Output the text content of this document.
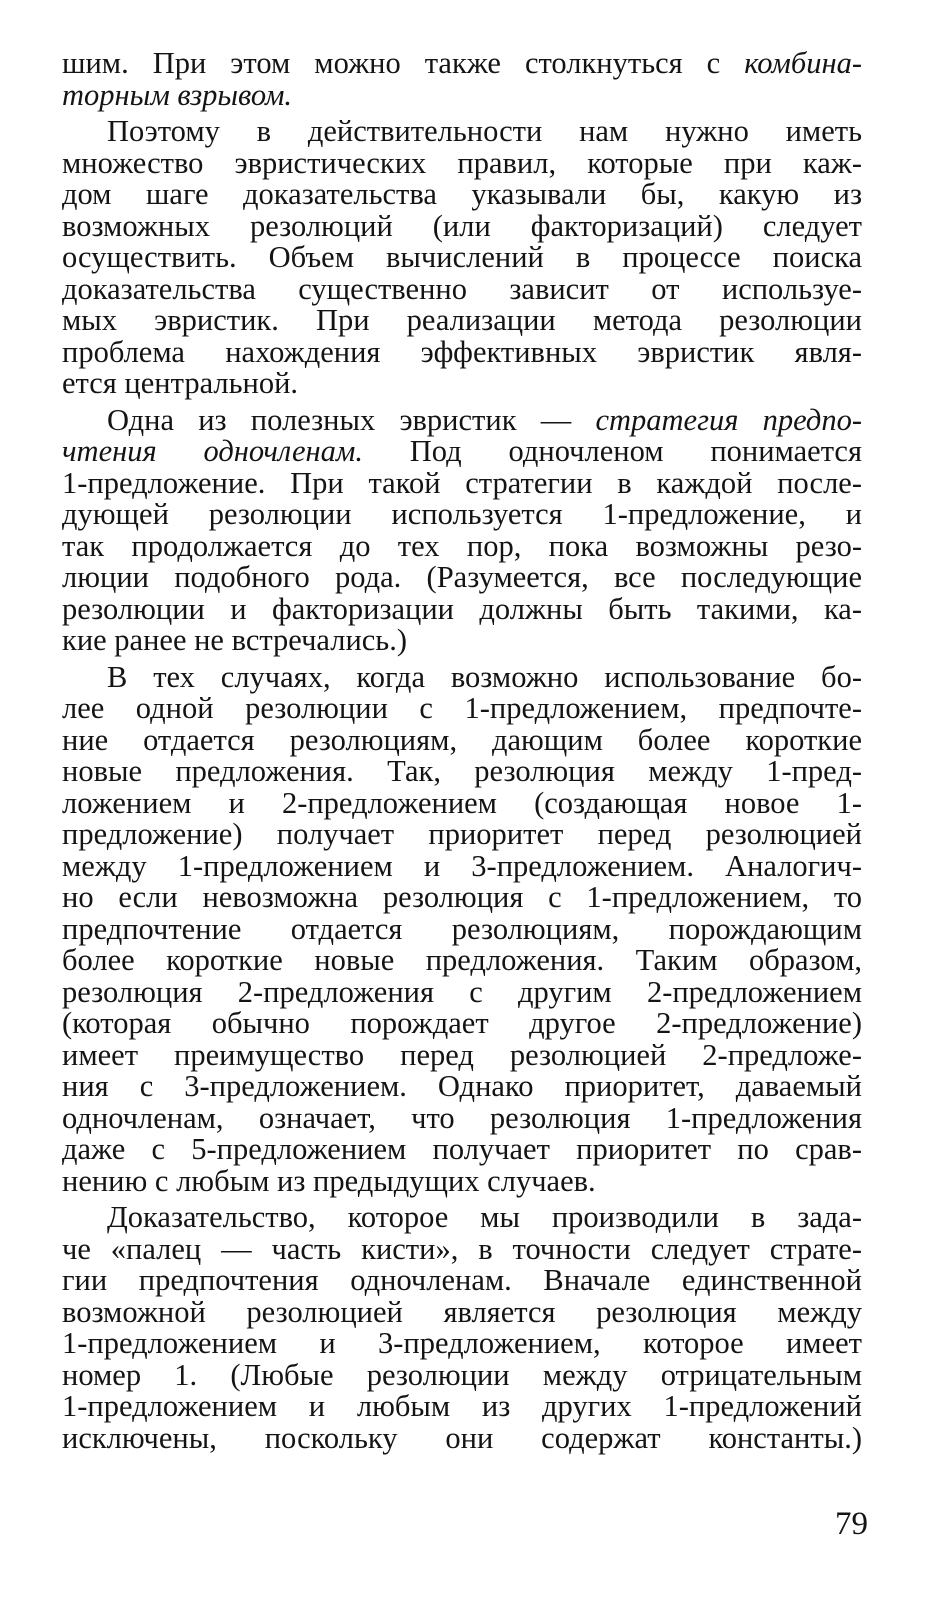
шим. При этом можно также столкнуться с комбина-
торным взрывом.

Поэтому в действительности нам нужно иметь
множество эвристических правил, которые при каж-
дом шаге доказательства указывали бы, какую из
возможных резолюций (или факторизаций) следует
осуществить. Объем вычислений в процессе поиска
доказательства существенно зависит от используе-
мых эвристик. При реализации метода резолюции
проблема нахождения эффективных эвристик явля-
ется центральной.

Одна из полезных эвристик — стратегия предпо-
чтения одночленам. Под одночленом понимается
1-предложение. При такой стратегии в каждой после-
дующей резолюции используется 1-предложение, и
так продолжается до тех пор, пока возможны резо-
люции подобного рода. (Разумеется, все последующие
резолюции и факторизации должны быть такими, ка-
кие ранее не встречались.)

В тех случаях, когда возможно использование бо-
лее одной резолюции с 1-предложением, предпочте-
ние отдается резолюциям, дающим более короткие
новые предложения. Так, резолюция между 1-пред-
ложением и 2-предложением (создающая новое 1-
предложение) получает приоритет перед резолюцией
между 1-предложением и 3-предложением. Аналогич-
но если невозможна резолюция с 1-предложением, то
предпочтение отдается резолюциям, порождающим
более короткие новые предложения. Таким образом,
резолюция 2-предложения с другим 2-предложением
(которая обычно порождает другое 2-предложение)
имеет преимущество перед резолюцией 2-предложе-
ния с 3-предложением. Однако приоритет, даваемый
одночленам, означает, что резолюция 1-предложения
даже с 5-предложением получает приоритет по срав-
нению с любым из предыдущих случаев.

Доказательство, которое мы производили в зада-
че «палец — часть кисти», в точности следует страте-
гии предпочтения одночленам. Вначале единственной
возможной резолюцией является резолюция между
1-предложением и 3-предложением, которое имеет
номер 1. (Любые резолюции между отрицательным
1-предложением и любым из других 1-предложений
исключены, поскольку они содержат константы.)

79
